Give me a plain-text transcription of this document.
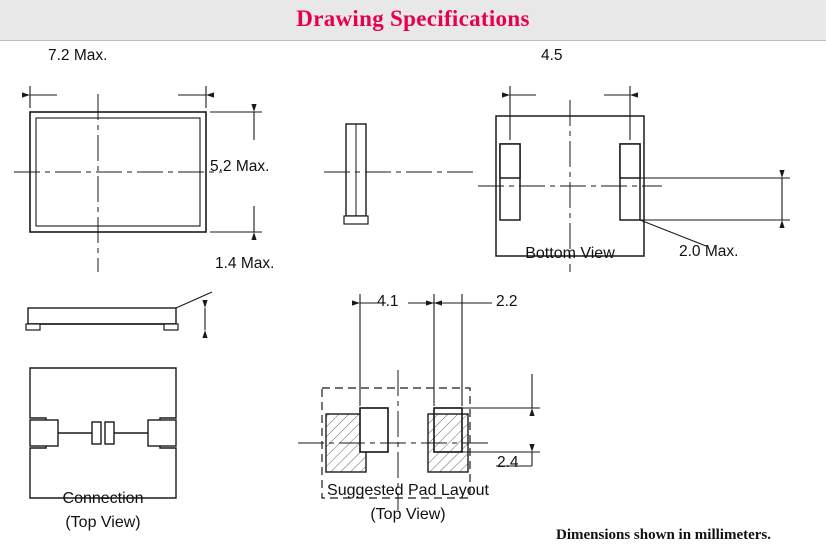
Drawing Specifications
7.2 Max.
5.2 Max.
1.4 Max.
4.5
2.0 Max.
4.1	2.2
2.4
Bottom View
Connection
(Top View)
Suggested Pad Layout
(Top View)
Dimensions shown in millimeters.
